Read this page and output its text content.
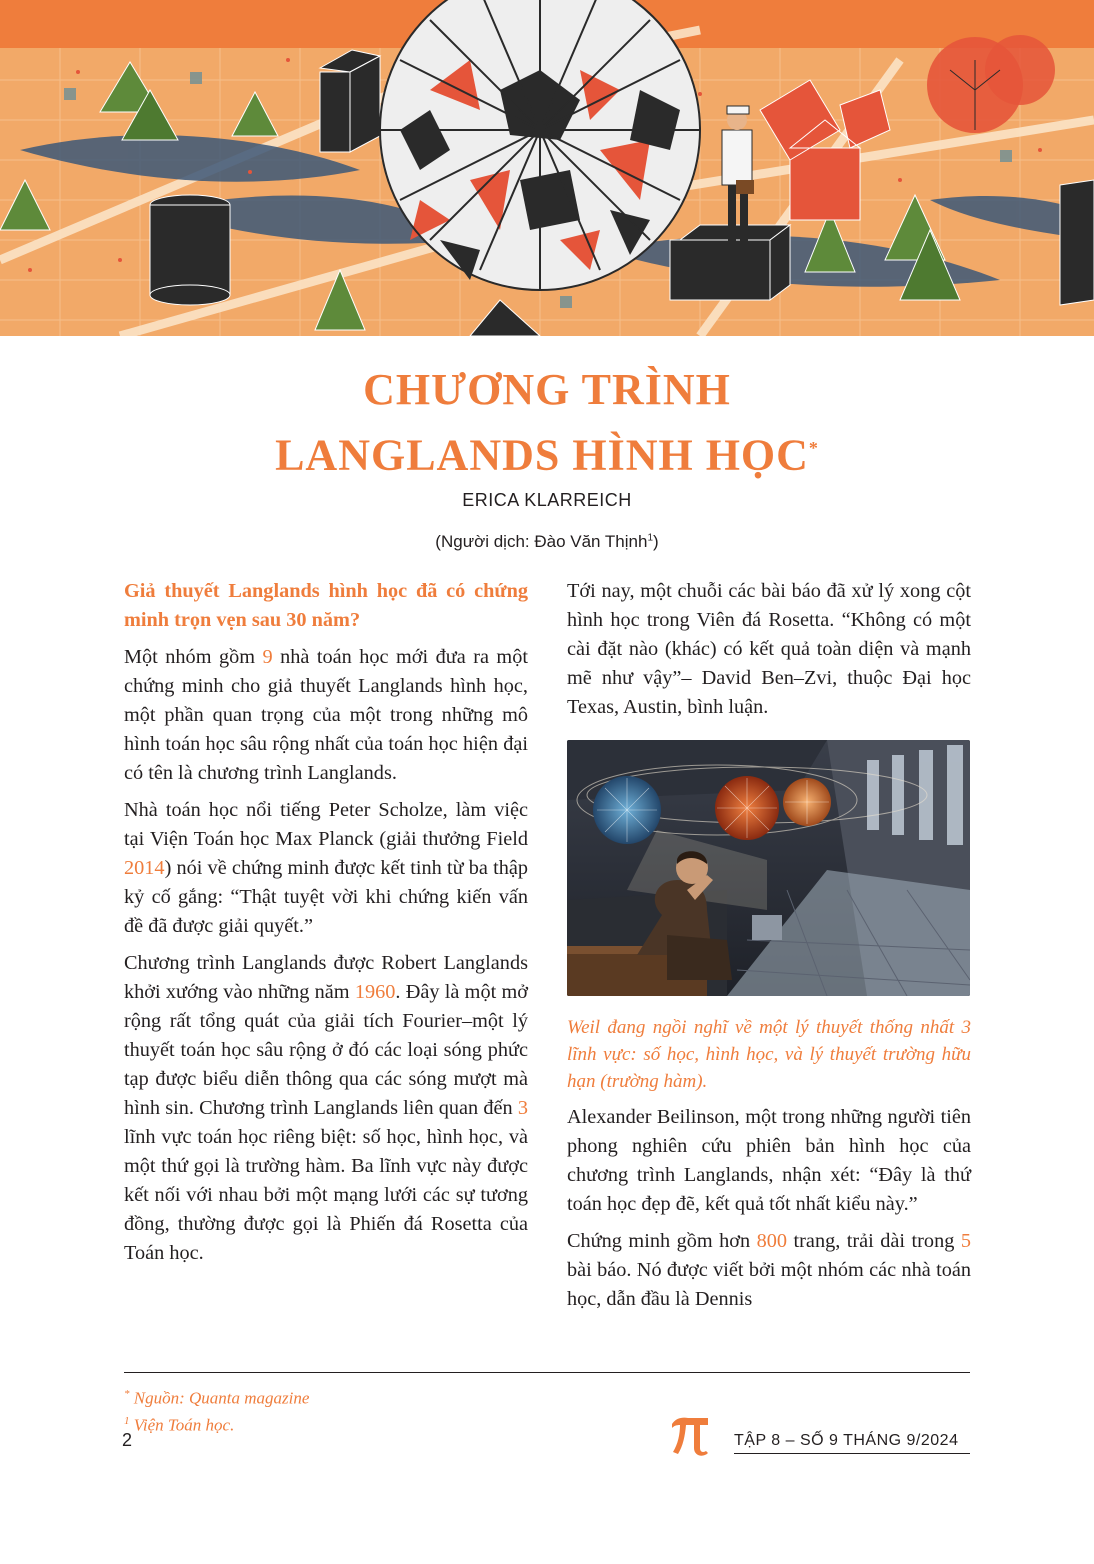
CHƯƠNG TRÌNH
LANGLANDS HÌNH HỌC*
ERICA KLARREICH
(Người dịch: Đào Văn Thịnh$^1$)

Giả thuyết Langlands hình học đã có chứng minh trọn vẹn sau 30 năm?

Một nhóm gồm 9 nhà toán học mới đưa ra một chứng minh cho giả thuyết Langlands hình học, một phần quan trọng của một trong những mô hình toán học sâu rộng nhất của toán học hiện đại có tên là chương trình Langlands.

Nhà toán học nổi tiếng Peter Scholze, làm việc tại Viện Toán học Max Planck (giải thưởng Field 2014) nói về chứng minh được kết tinh từ ba thập kỷ cố gắng: “Thật tuyệt vời khi chứng kiến vấn đề đã được giải quyết.”

Chương trình Langlands được Robert Langlands khởi xướng vào những năm 1960. Đây là một mở rộng rất tổng quát của giải tích Fourier–một lý thuyết toán học sâu rộng ở đó các loại sóng phức tạp được biểu diễn thông qua các sóng mượt mà hình sin. Chương trình Langlands liên quan đến 3 lĩnh vực toán học riêng biệt: số học, hình học, và một thứ gọi là trường hàm. Ba lĩnh vực này được kết nối với nhau bởi một mạng lưới các sự tương đồng, thường được gọi là Phiến đá Rosetta của Toán học.

Tới nay, một chuỗi các bài báo đã xử lý xong cột hình học trong Viên đá Rosetta. “Không có một cài đặt nào (khác) có kết quả toàn diện và mạnh mẽ như vậy”– David Ben–Zvi, thuộc Đại học Texas, Austin, bình luận.

Weil đang ngồi nghĩ về một lý thuyết thống nhất 3 lĩnh vực: số học, hình học, và lý thuyết trường hữu hạn (trường hàm).

Alexander Beilinson, một trong những người tiên phong nghiên cứu phiên bản hình học của chương trình Langlands, nhận xét: “Đây là thứ toán học đẹp đẽ, kết quả tốt nhất kiểu này.”

Chứng minh gồm hơn 800 trang, trải dài trong 5 bài báo. Nó được viết bởi một nhóm các nhà toán học, dẫn đầu là Dennis

* Nguồn: Quanta magazine
$^1$ Viện Toán học.
2	TẬP 8 – SỐ 9 THÁNG 9/2024
